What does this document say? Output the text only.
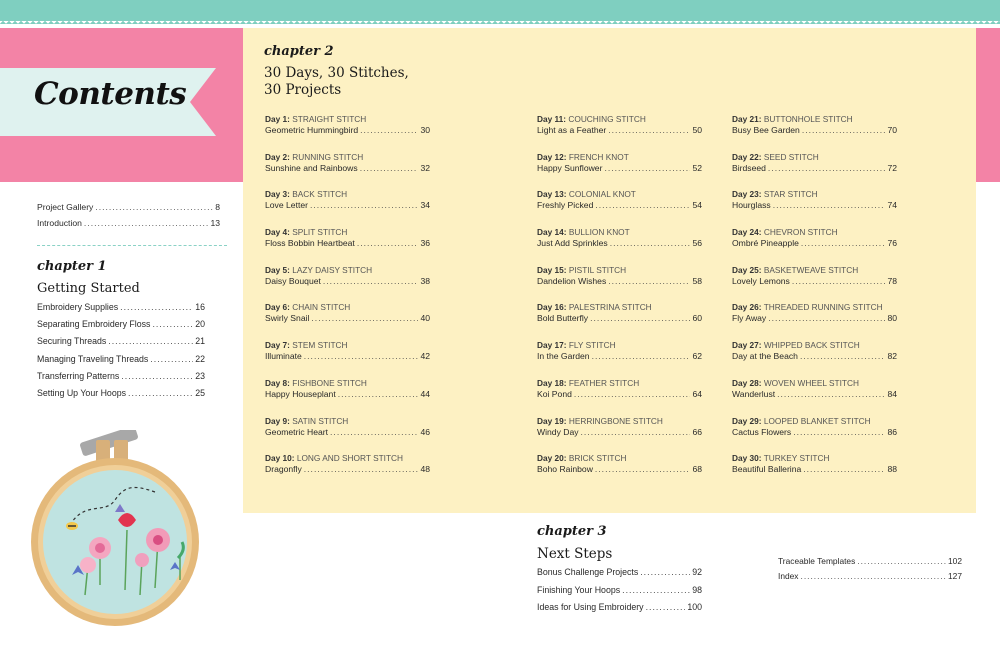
Contents
Project Gallery .....	8
Introduction .....	13
chapter 1
Getting Started
Embroidery Supplies .....	16
Separating Embroidery Floss .....	20
Securing Threads .....	21
Managing Traveling Threads .....	22
Transferring Patterns .....	23
Setting Up Your Hoops .....	25
chapter 2
30 Days, 30 Stitches,
30 Projects
Day 1: STRAIGHT STITCH
Geometric Hummingbird .....	30
Day 2: RUNNING STITCH
Sunshine and Rainbows .....	32
Day 3: BACK STITCH
Love Letter .....	34
Day 4: SPLIT STITCH
Floss Bobbin Heartbeat .....	36
Day 5: LAZY DAISY STITCH
Daisy Bouquet .....	38
Day 6: CHAIN STITCH
Swirly Snail .....	40
Day 7: STEM STITCH
Illuminate .....	42
Day 8: FISHBONE STITCH
Happy Houseplant .....	44
Day 9: SATIN STITCH
Geometric Heart .....	46
Day 10: LONG AND SHORT STITCH
Dragonfly .....	48
Day 11: COUCHING STITCH
Light as a Feather .....	50
Day 12: FRENCH KNOT
Happy Sunflower .....	52
Day 13: COLONIAL KNOT
Freshly Picked .....	54
Day 14: BULLION KNOT
Just Add Sprinkles .....	56
Day 15: PISTIL STITCH
Dandelion Wishes .....	58
Day 16: PALESTRINA STITCH
Bold Butterfly .....	60
Day 17: FLY STITCH
In the Garden .....	62
Day 18: FEATHER STITCH
Koi Pond .....	64
Day 19: HERRINGBONE STITCH
Windy Day .....	66
Day 20: BRICK STITCH
Boho Rainbow .....	68
Day 21: BUTTONHOLE STITCH
Busy Bee Garden .....	70
Day 22: SEED STITCH
Birdseed .....	72
Day 23: STAR STITCH
Hourglass .....	74
Day 24: CHEVRON STITCH
Ombré Pineapple .....	76
Day 25: BASKETWEAVE STITCH
Lovely Lemons .....	78
Day 26: THREADED RUNNING STITCH
Fly Away .....	80
Day 27: WHIPPED BACK STITCH
Day at the Beach .....	82
Day 28: WOVEN WHEEL STITCH
Wanderlust .....	84
Day 29: LOOPED BLANKET STITCH
Cactus Flowers .....	86
Day 30: TURKEY STITCH
Beautiful Ballerina .....	88
chapter 3
Next Steps
Bonus Challenge Projects .....	92
Finishing Your Hoops .....	98
Ideas for Using Embroidery .....	100
Traceable Templates .....	102
Index .....	127
